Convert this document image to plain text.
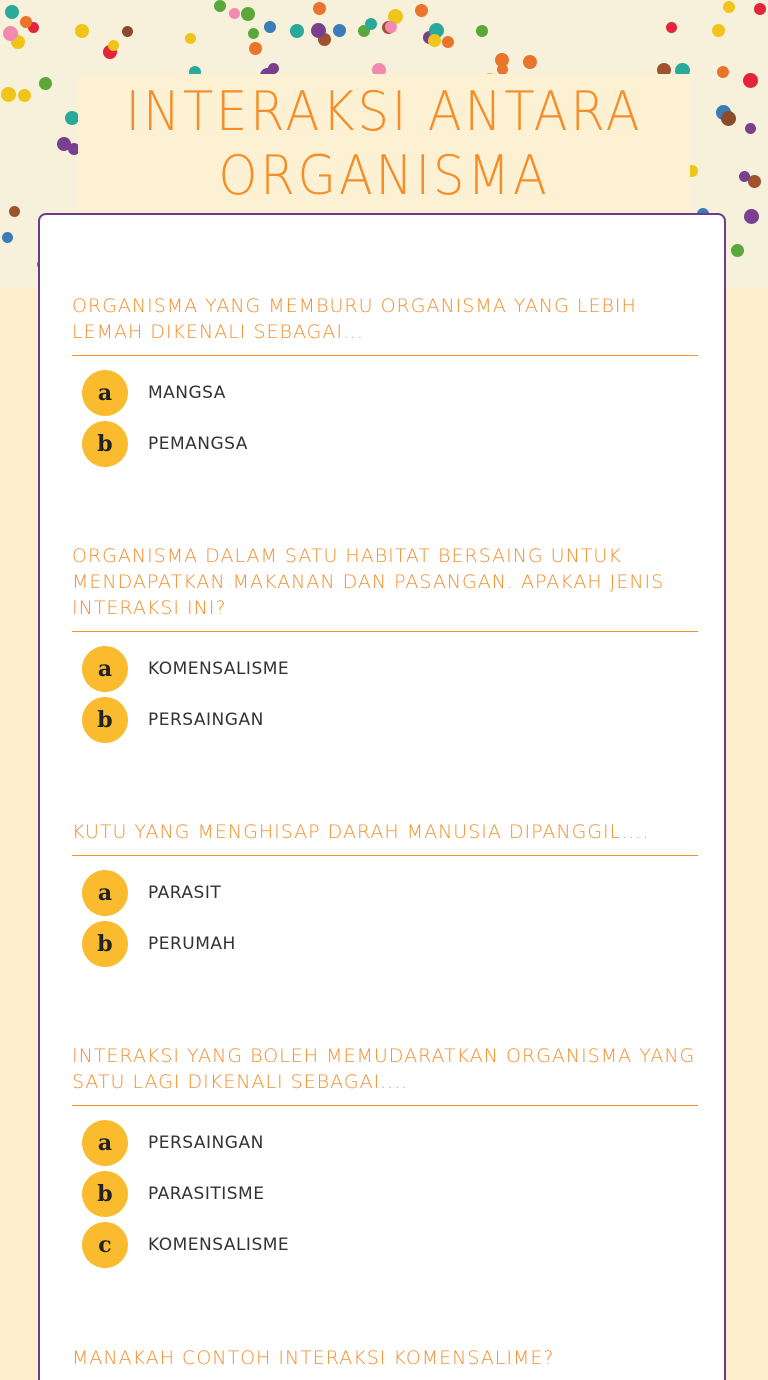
INTERAKSI ANTARA ORGANISMA

ORGANISMA YANG MEMBURU ORGANISMA YANG LEBIH LEMAH DIKENALI SEBAGAI...

a	MANGSA
b	PEMANGSA

ORGANISMA DALAM SATU HABITAT BERSAING UNTUK MENDAPATKAN MAKANAN DAN PASANGAN. APAKAH JENIS INTERAKSI INI?

a	KOMENSALISME
b	PERSAINGAN

KUTU YANG MENGHISAP DARAH MANUSIA DIPANGGIL....

a	PARASIT
b	PERUMAH

INTERAKSI YANG BOLEH MEMUDARATKAN ORGANISMA YANG SATU LAGI DIKENALI SEBAGAI....

a	PERSAINGAN
b	PARASITISME
c	KOMENSALISME

MANAKAH CONTOH INTERAKSI KOMENSALIME?
